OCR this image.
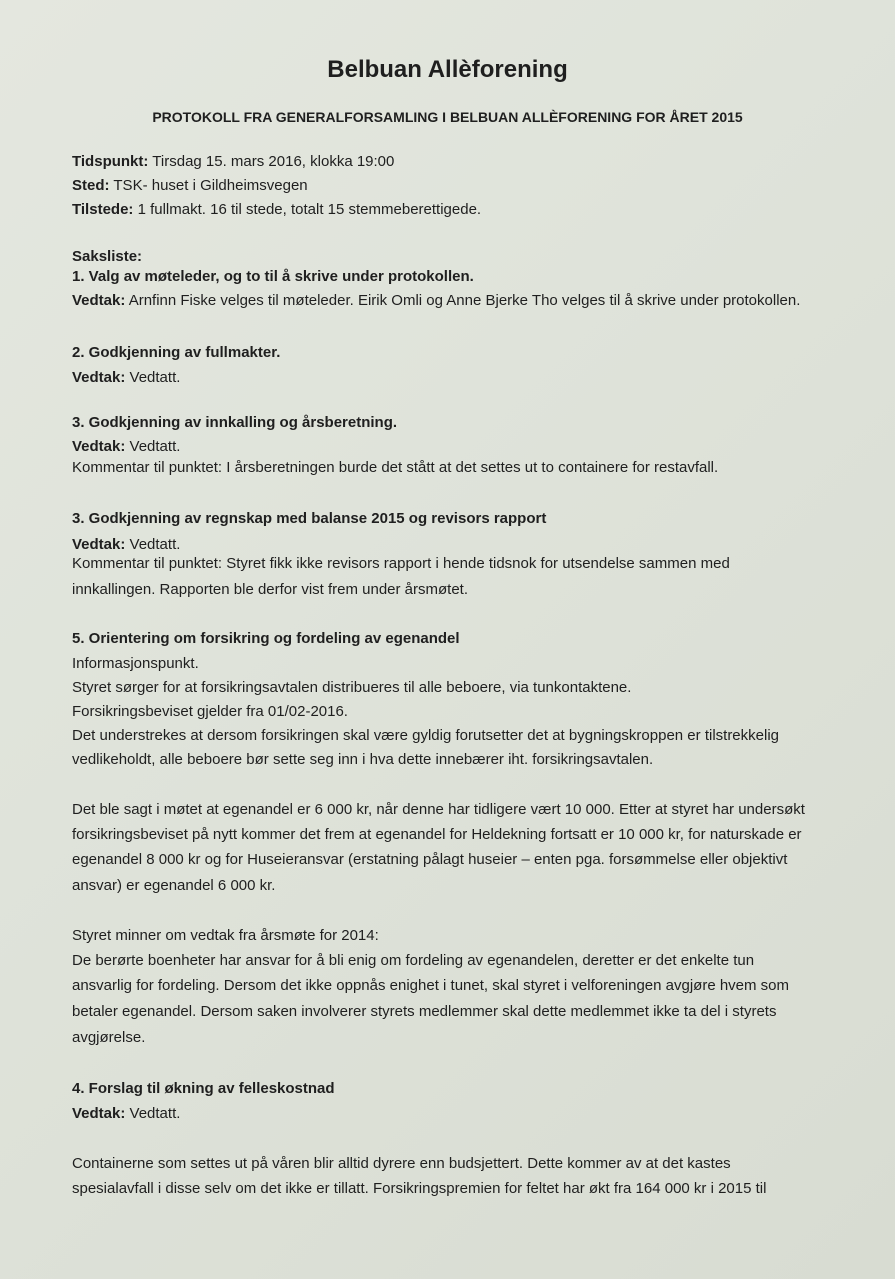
Belbuan Allèforening
PROTOKOLL FRA GENERALFORSAMLING I BELBUAN ALLÈFORENING FOR ÅRET 2015
Tidspunkt: Tirsdag 15. mars 2016, klokka 19:00
Sted: TSK- huset i Gildheimsvegen
Tilstede: 1 fullmakt. 16 til stede, totalt 15 stemmeberettigede.
Saksliste:
1. Valg av møteleder, og to til å skrive under protokollen.
Vedtak: Arnfinn Fiske velges til møteleder. Eirik Omli og Anne Bjerke Tho velges til å skrive under protokollen.
2. Godkjenning av fullmakter.
Vedtak: Vedtatt.
3. Godkjenning av innkalling og årsberetning.
Vedtak: Vedtatt.
Kommentar til punktet: I årsberetningen burde det stått at det settes ut to containere for restavfall.
3. Godkjenning av regnskap med balanse 2015 og revisors rapport
Vedtak: Vedtatt.
Kommentar til punktet: Styret fikk ikke revisors rapport i hende tidsnok for utsendelse sammen med
innkallingen. Rapporten ble derfor vist frem under årsmøtet.
5. Orientering om forsikring og fordeling av egenandel
Informasjonspunkt.
Styret sørger for at forsikringsavtalen distribueres til alle beboere, via tunkontaktene.
Forsikringsbeviset gjelder fra 01/02-2016.
Det understrekes at dersom forsikringen skal være gyldig forutsetter det at bygningskroppen er tilstrekkelig
vedlikeholdt, alle beboere bør sette seg inn i hva dette innebærer iht. forsikringsavtalen.
Det ble sagt i møtet at egenandel er 6 000 kr, når denne har tidligere vært 10 000. Etter at styret har undersøkt
forsikringsbeviset på nytt kommer det frem at egenandel for Heldekning fortsatt er 10 000 kr, for naturskade er
egenandel 8 000 kr og for Huseieransvar (erstatning pålagt huseier – enten pga. forsømmelse eller objektivt
ansvar) er egenandel 6 000 kr.
Styret minner om vedtak fra årsmøte for 2014:
De berørte boenheter har ansvar for å bli enig om fordeling av egenandelen, deretter er det enkelte tun
ansvarlig for fordeling. Dersom det ikke oppnås enighet i tunet, skal styret i velforeningen avgjøre hvem som
betaler egenandel. Dersom saken involverer styrets medlemmer skal dette medlemmet ikke ta del i styrets
avgjørelse.
4. Forslag til økning av felleskostnad
Vedtak: Vedtatt.
Containerne som settes ut på våren blir alltid dyrere enn budsjettert. Dette kommer av at det kastes
spesialavfall i disse selv om det ikke er tillatt. Forsikringspremien for feltet har økt fra 164 000 kr i 2015 til
